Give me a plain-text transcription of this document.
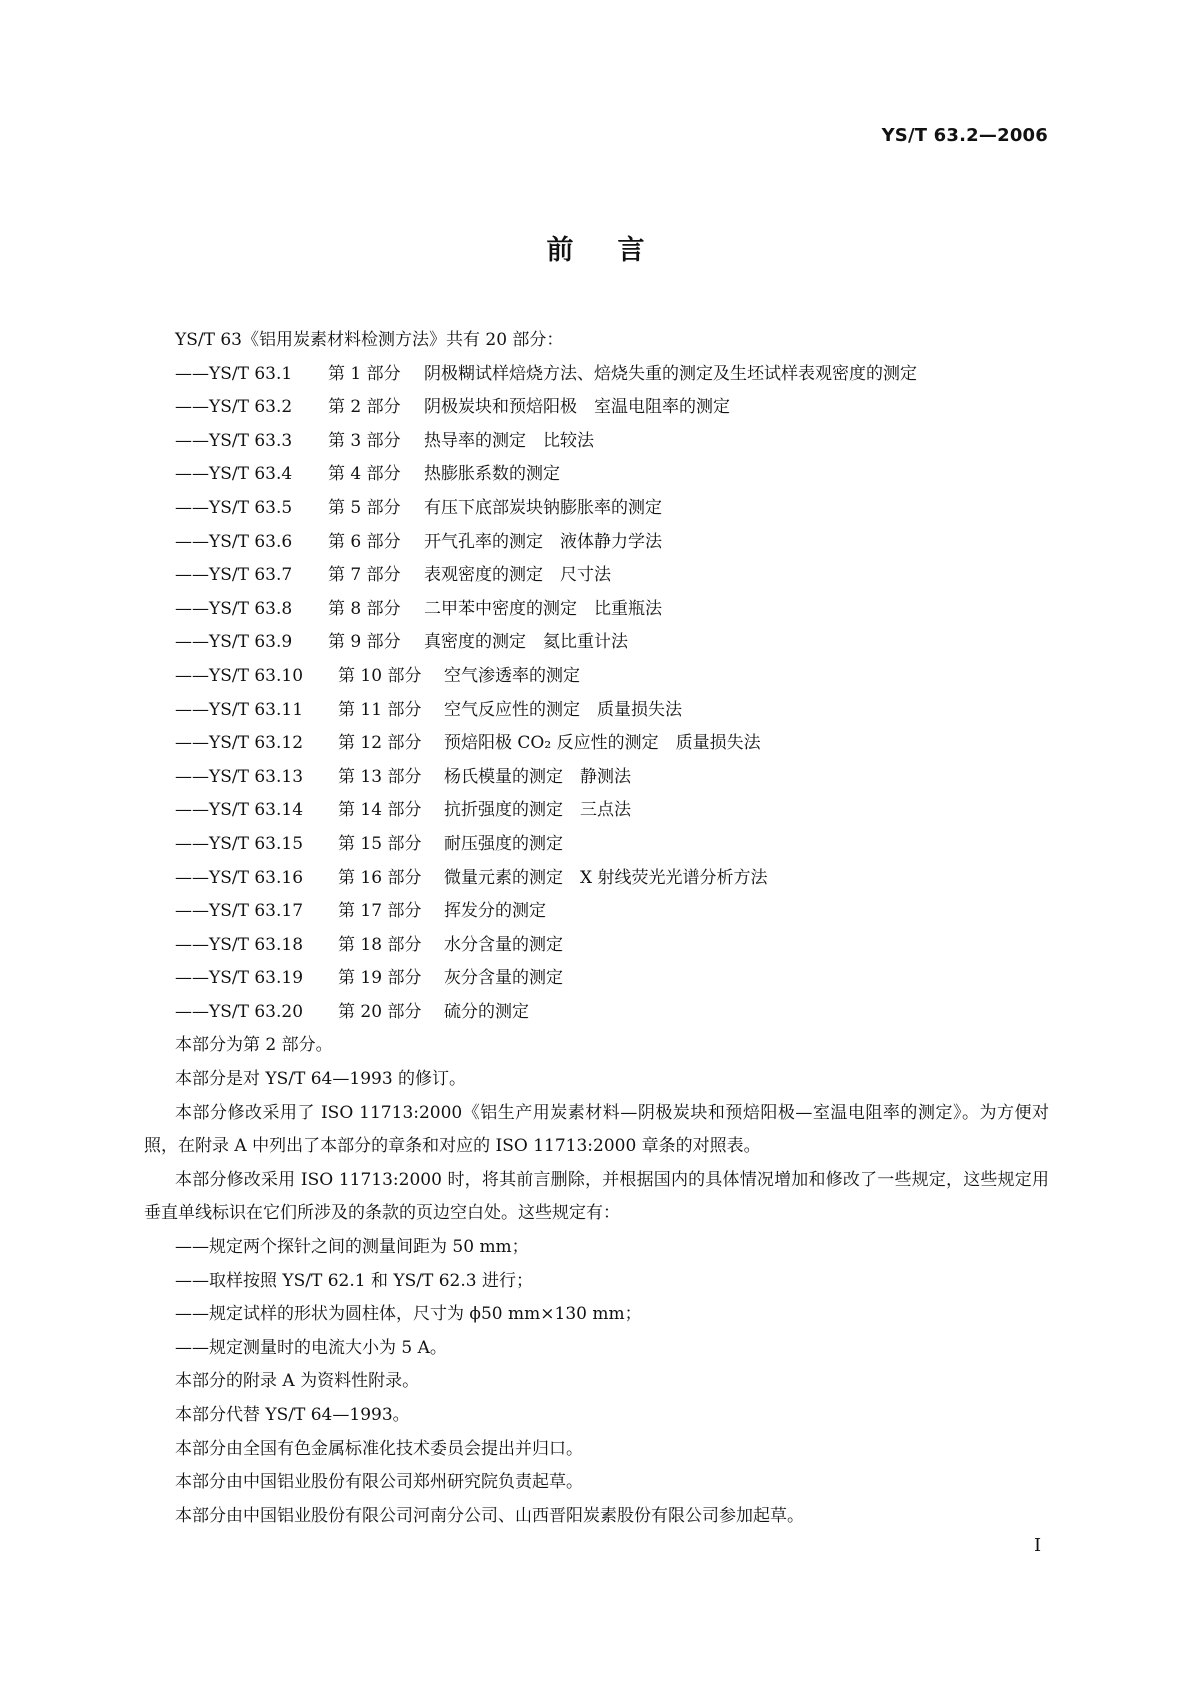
YS/T 63.2—2006
前言
YS/T 63《铝用炭素材料检测方法》共有 20 部分：
——YS/T 63.1	第 1 部分	阴极糊试样焙烧方法、焙烧失重的测定及生坯试样表观密度的测定
——YS/T 63.2	第 2 部分	阴极炭块和预焙阳极　室温电阻率的测定
——YS/T 63.3	第 3 部分	热导率的测定　比较法
——YS/T 63.4	第 4 部分	热膨胀系数的测定
——YS/T 63.5	第 5 部分	有压下底部炭块钠膨胀率的测定
——YS/T 63.6	第 6 部分	开气孔率的测定　液体静力学法
——YS/T 63.7	第 7 部分	表观密度的测定　尺寸法
——YS/T 63.8	第 8 部分	二甲苯中密度的测定　比重瓶法
——YS/T 63.9	第 9 部分	真密度的测定　氦比重计法
——YS/T 63.10	第 10 部分	空气渗透率的测定
——YS/T 63.11	第 11 部分	空气反应性的测定　质量损失法
——YS/T 63.12	第 12 部分	预焙阳极 CO₂ 反应性的测定　质量损失法
——YS/T 63.13	第 13 部分	杨氏模量的测定　静测法
——YS/T 63.14	第 14 部分	抗折强度的测定　三点法
——YS/T 63.15	第 15 部分	耐压强度的测定
——YS/T 63.16	第 16 部分	微量元素的测定　X 射线荧光光谱分析方法
——YS/T 63.17	第 17 部分	挥发分的测定
——YS/T 63.18	第 18 部分	水分含量的测定
——YS/T 63.19	第 19 部分	灰分含量的测定
——YS/T 63.20	第 20 部分	硫分的测定
本部分为第 2 部分。
本部分是对 YS/T 64—1993 的修订。
本部分修改采用了 ISO 11713:2000《铝生产用炭素材料—阴极炭块和预焙阳极—室温电阻率的测定》。为方便对照，在附录 A 中列出了本部分的章条和对应的 ISO 11713:2000 章条的对照表。
本部分修改采用 ISO 11713:2000 时，将其前言删除，并根据国内的具体情况增加和修改了一些规定，这些规定用垂直单线标识在它们所涉及的条款的页边空白处。这些规定有：
——规定两个探针之间的测量间距为 50 mm；
——取样按照 YS/T 62.1 和 YS/T 62.3 进行；
——规定试样的形状为圆柱体，尺寸为 ϕ50 mm×130 mm；
——规定测量时的电流大小为 5 A。
本部分的附录 A 为资料性附录。
本部分代替 YS/T 64—1993。
本部分由全国有色金属标准化技术委员会提出并归口。
本部分由中国铝业股份有限公司郑州研究院负责起草。
本部分由中国铝业股份有限公司河南分公司、山西晋阳炭素股份有限公司参加起草。
I
